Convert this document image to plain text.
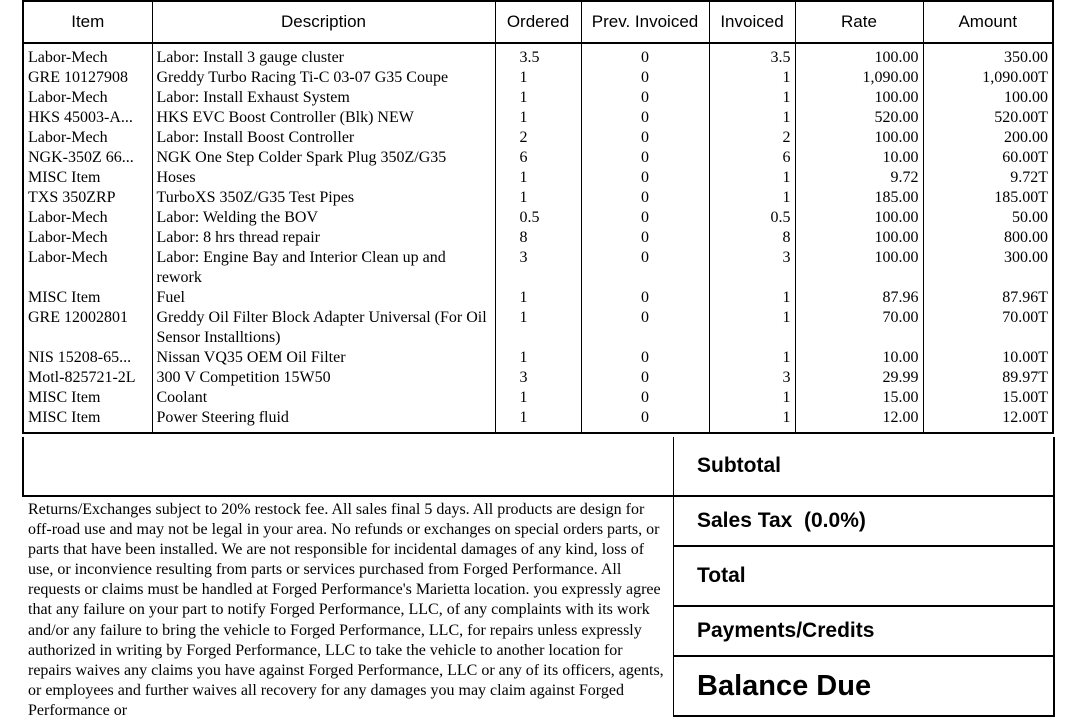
Item	Description	Ordered	Prev. Invoiced	Invoiced	Rate	Amount
Labor-Mech	Labor: Install 3 gauge cluster	3.5	0	3.5	100.00	350.00
GRE 10127908	Greddy Turbo Racing Ti-C 03-07 G35 Coupe	1	0	1	1,090.00	1,090.00T
Labor-Mech	Labor: Install Exhaust System	1	0	1	100.00	100.00
HKS 45003-A...	HKS EVC Boost Controller (Blk) NEW	1	0	1	520.00	520.00T
Labor-Mech	Labor: Install Boost Controller	2	0	2	100.00	200.00
NGK-350Z 66...	NGK One Step Colder Spark Plug 350Z/G35	6	0	6	10.00	60.00T
MISC Item	Hoses	1	0	1	9.72	9.72T
TXS 350ZRP	TurboXS 350Z/G35 Test Pipes	1	0	1	185.00	185.00T
Labor-Mech	Labor: Welding the BOV	0.5	0	0.5	100.00	50.00
Labor-Mech	Labor: 8 hrs thread repair	8	0	8	100.00	800.00
Labor-Mech	Labor: Engine Bay and Interior Clean up and rework	3	0	3	100.00	300.00
MISC Item	Fuel	1	0	1	87.96	87.96T
GRE 12002801	Greddy Oil Filter Block Adapter Universal (For Oil Sensor Installtions)	1	0	1	70.00	70.00T
NIS 15208-65...	Nissan VQ35 OEM Oil Filter	1	0	1	10.00	10.00T
Motl-825721-2L	300 V Competition 15W50	3	0	3	29.99	89.97T
MISC Item	Coolant	1	0	1	15.00	15.00T
MISC Item	Power Steering fluid	1	0	1	12.00	12.00T
Subtotal
Sales Tax  (0.0%)
Total
Payments/Credits
Balance Due

Returns/Exchanges subject to 20% restock fee. All sales final 5 days. All products are design for off-road use and may not be legal in your area. No refunds or exchanges on special orders parts, or parts that have been installed. We are not responsible for incidental damages of any kind, loss of use, or inconvience resulting from parts or services purchased from Forged Performance. All requests or claims must be handled at Forged Performance's Marietta location. you expressly agree that any failure on your part to notify Forged Performance, LLC, of any complaints with its work and/or any failure to bring the vehicle to Forged Performance, LLC, for repairs unless expressly authorized in writing by Forged Performance, LLC to take the vehicle to another location for repairs waives any claims you have against Forged Performance, LLC or any of its officers, agents, or employees and further waives all recovery for any damages you may claim against Forged Performance or
